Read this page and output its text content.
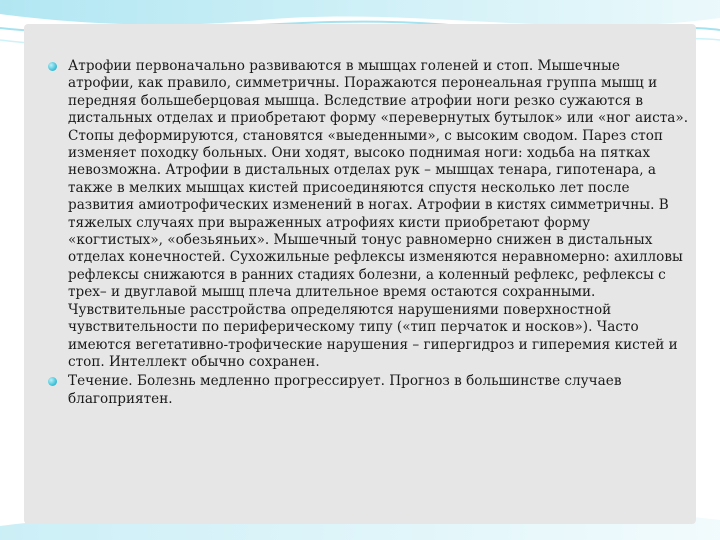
Атрофии первоначально развиваются в мышцах голеней и стоп. Мышечные атрофии, как правило, симметричны. Поражаются перонеальная группа мышц и передняя большеберцовая мышца. Вследствие атрофии ноги резко сужаются в дистальных отделах и приобретают форму «перевернутых бутылок» или «ног аиста». Стопы деформируются, становятся «выеденными», с высоким сводом. Парез стоп изменяет походку больных. Они ходят, высоко поднимая ноги: ходьба на пятках невозможна. Атрофии в дистальных отделах рук – мышцах тенара, гипотенара, а также в мелких мышцах кистей присоединяются спустя несколько лет после развития амиотрофических изменений в ногах. Атрофии в кистях симметричны. В тяжелых случаях при выраженных атрофиях кисти приобретают форму «когтистых», «обезьяньих». Мышечный тонус равномерно снижен в дистальных отделах конечностей. Сухожильные рефлексы изменяются неравномерно: ахилловы рефлексы снижаются в ранних стадиях болезни, а коленный рефлекс, рефлексы с трех– и двуглавой мышц плеча длительное время остаются сохранными. Чувствительные расстройства определяются нарушениями поверхностной чувствительности по периферическому типу («тип перчаток и носков»). Часто имеются вегетативно-трофические нарушения – гипергидроз и гиперемия кистей и стоп. Интеллект обычно сохранен.
Течение. Болезнь медленно прогрессирует. Прогноз в большинстве случаев благоприятен.
